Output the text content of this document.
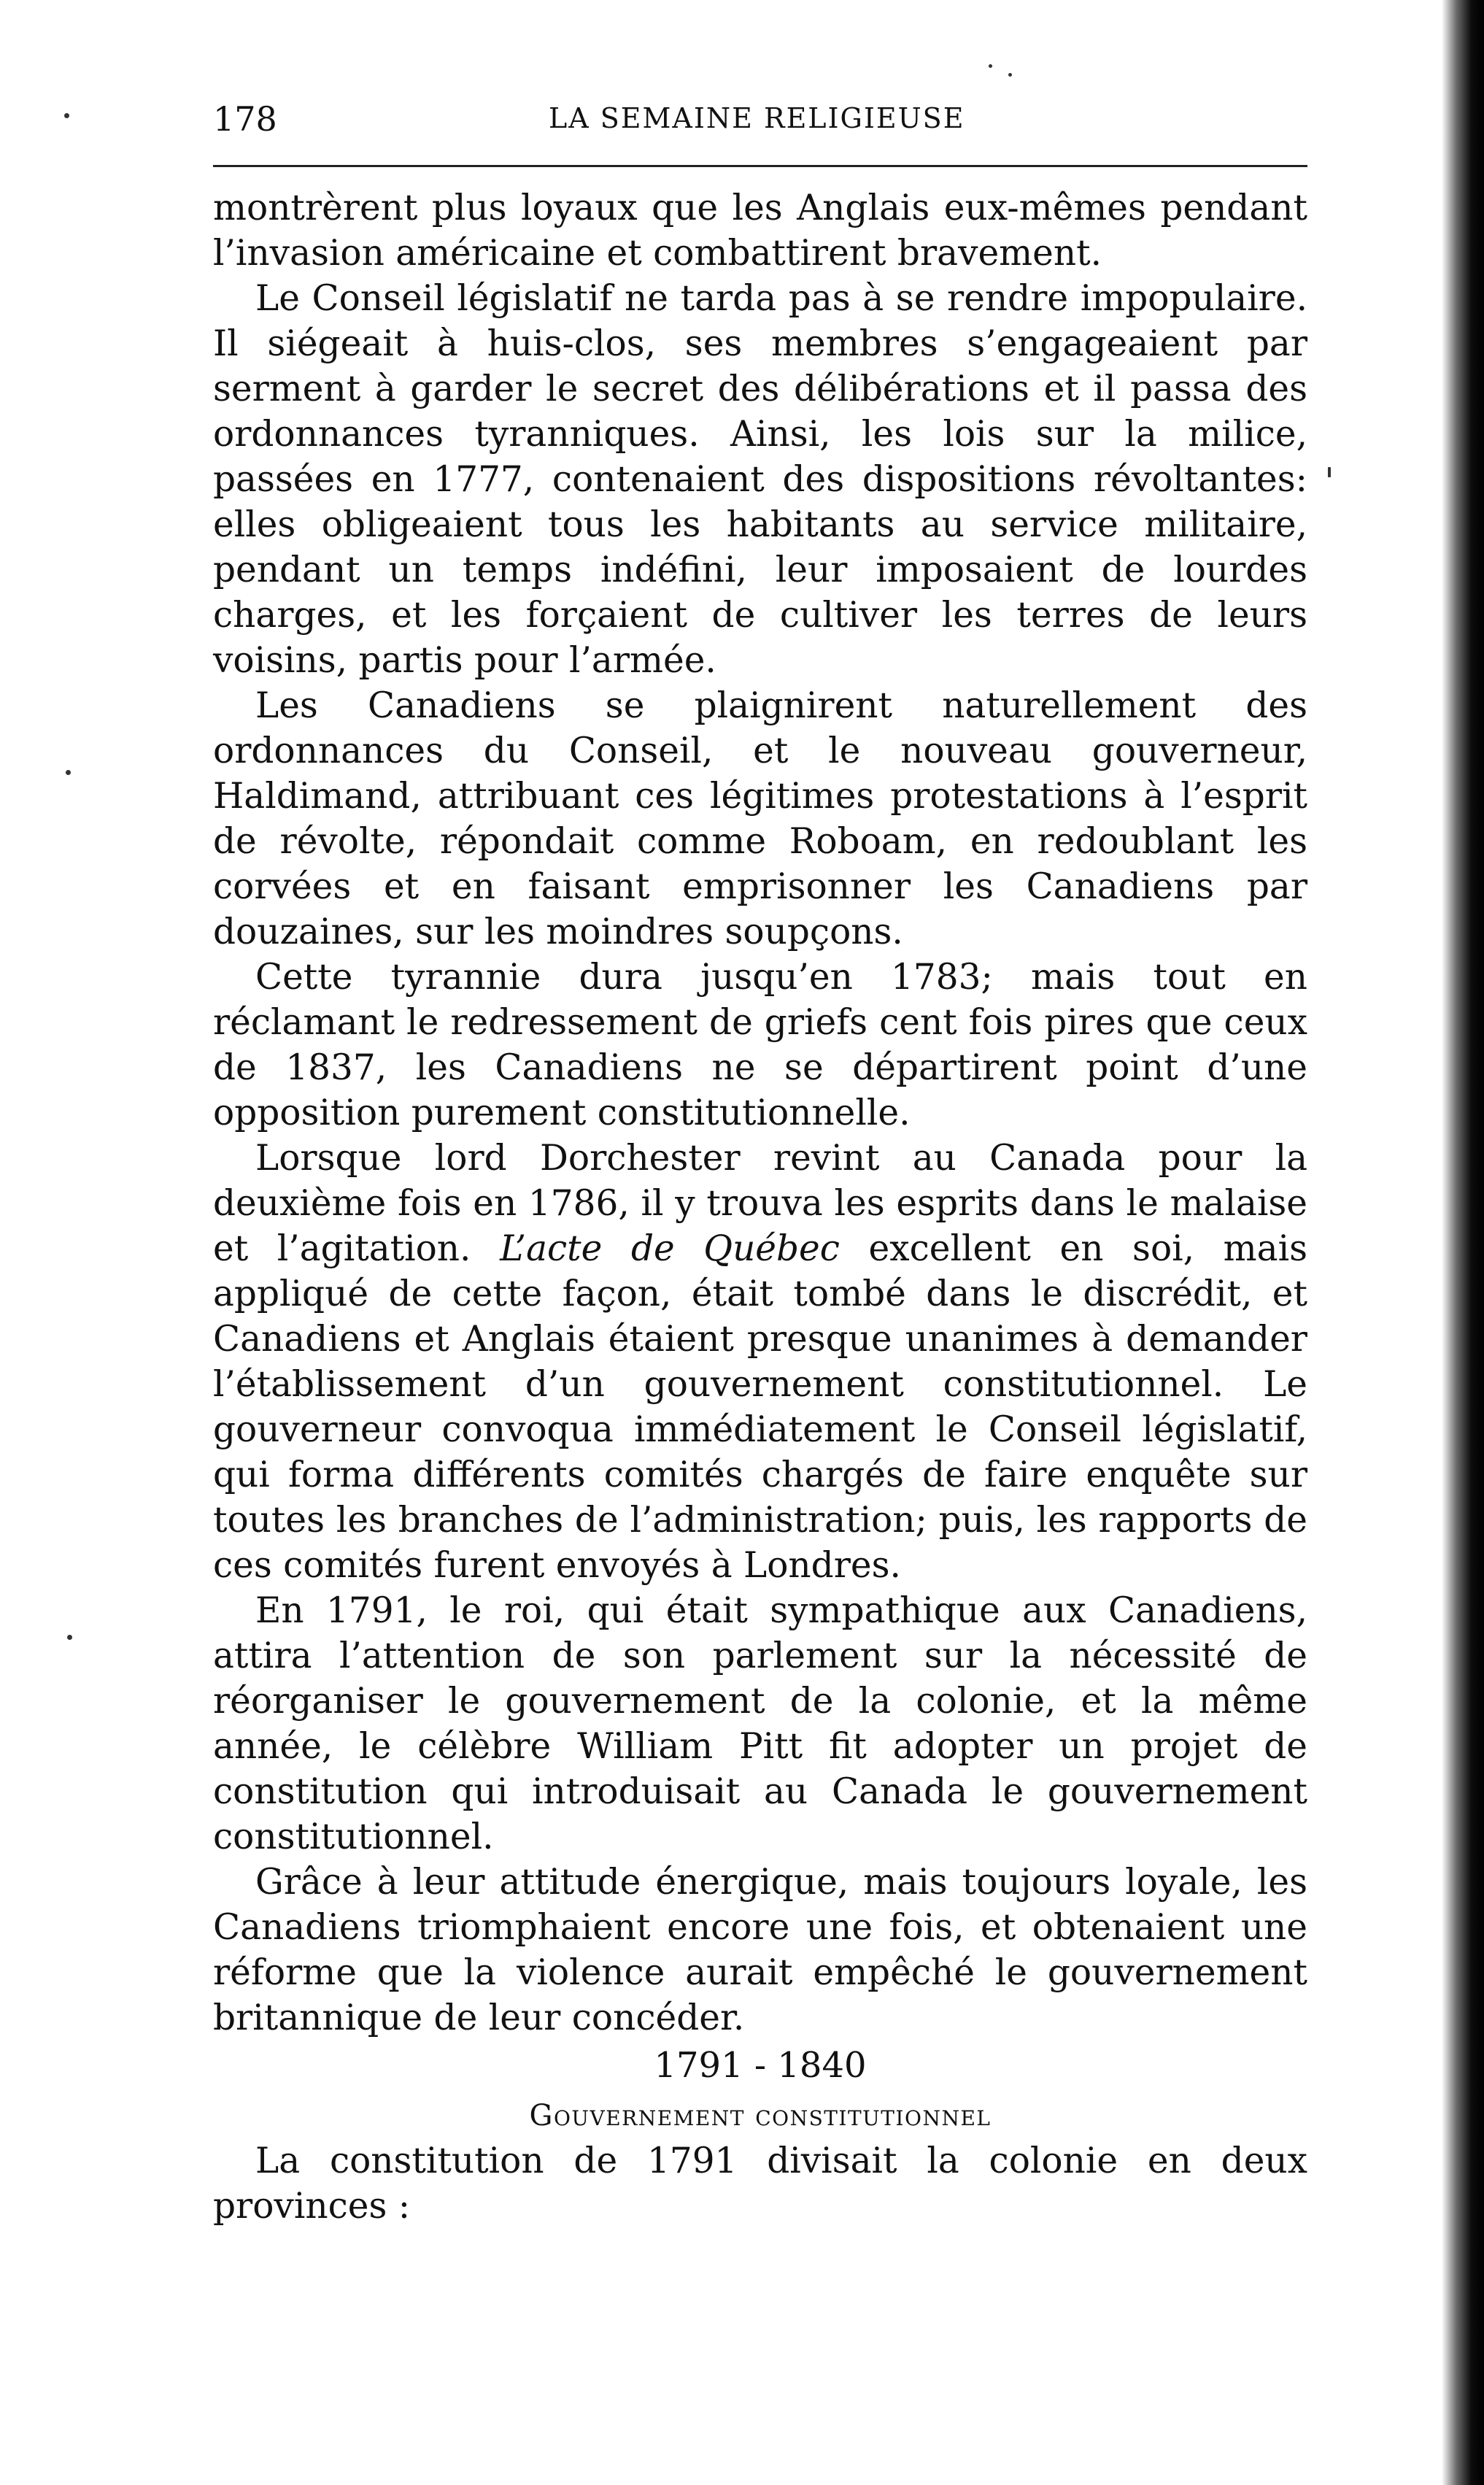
178	LA SEMAINE RELIGIEUSE

montrèrent plus loyaux que les Anglais eux-mêmes pendant l’invasion américaine et combattirent bravement.

Le Conseil législatif ne tarda pas à se rendre impopulaire. Il siégeait à huis-clos, ses membres s’engageaient par serment à garder le secret des délibérations et il passa des ordonnances tyranniques. Ainsi, les lois sur la milice, passées en 1777, contenaient des dispositions révoltantes: elles obligeaient tous les habitants au service militaire, pendant un temps indéfini, leur imposaient de lourdes charges, et les forçaient de cultiver les terres de leurs voisins, partis pour l’armée.

Les Canadiens se plaignirent naturellement des ordonnances du Conseil, et le nouveau gouverneur, Haldimand, attribuant ces légitimes protestations à l’esprit de révolte, répondait comme Roboam, en redoublant les corvées et en faisant emprisonner les Canadiens par douzaines, sur les moindres soupçons.

Cette tyrannie dura jusqu’en 1783; mais tout en réclamant le redressement de griefs cent fois pires que ceux de 1837, les Canadiens ne se départirent point d’une opposition purement constitutionnelle.

Lorsque lord Dorchester revint au Canada pour la deuxième fois en 1786, il y trouva les esprits dans le malaise et l’agitation. L’acte de Québec excellent en soi, mais appliqué de cette façon, était tombé dans le discrédit, et Canadiens et Anglais étaient presque unanimes à demander l’établissement d’un gouvernement constitutionnel. Le gouverneur convoqua immédiatement le Conseil législatif, qui forma différents comités chargés de faire enquête sur toutes les branches de l’administration; puis, les rapports de ces comités furent envoyés à Londres.

En 1791, le roi, qui était sympathique aux Canadiens, attira l’attention de son parlement sur la nécessité de réorganiser le gouvernement de la colonie, et la même année, le célèbre William Pitt fit adopter un projet de constitution qui introduisait au Canada le gouvernement constitutionnel.

Grâce à leur attitude énergique, mais toujours loyale, les Canadiens triomphaient encore une fois, et obtenaient une réforme que la violence aurait empêché le gouvernement britannique de leur concéder.

1791 - 1840

Gouvernement constitutionnel

La constitution de 1791 divisait la colonie en deux provinces :
